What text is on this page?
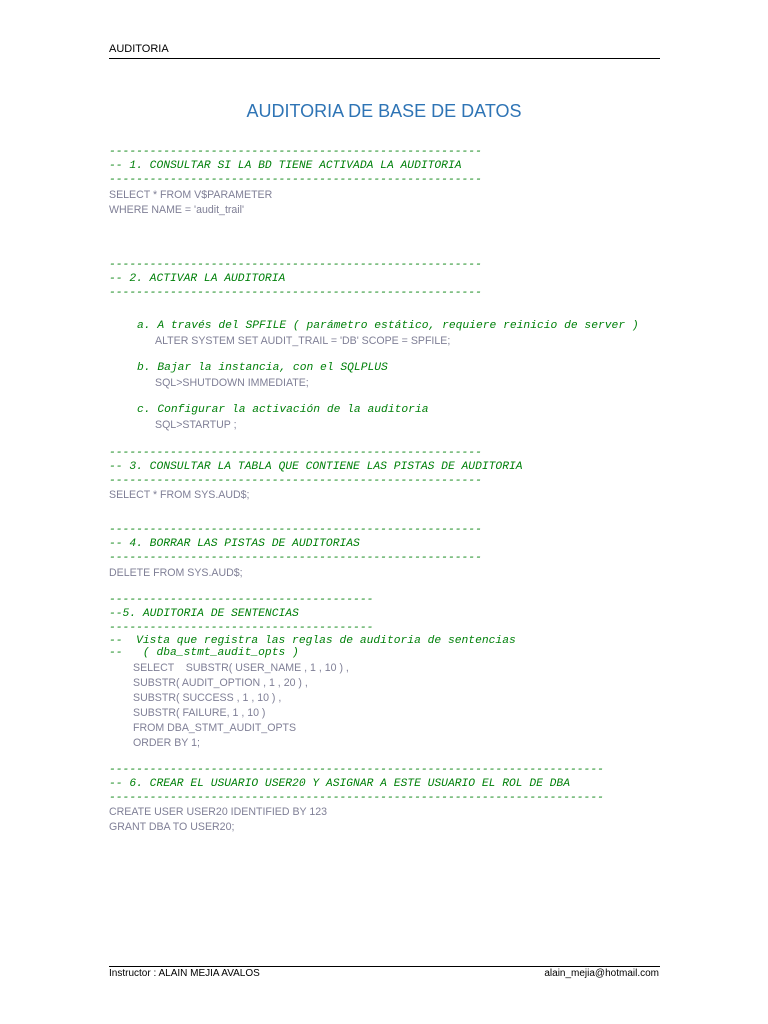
AUDITORIA
AUDITORIA DE BASE DE DATOS
-------------------------------------------------------
-- 1. CONSULTAR SI LA BD TIENE ACTIVADA LA AUDITORIA
-------------------------------------------------------
SELECT * FROM V$PARAMETER
WHERE NAME = 'audit_trail'
-------------------------------------------------------
-- 2. ACTIVAR LA AUDITORIA
-------------------------------------------------------
a. A través del SPFILE ( parámetro estático, requiere reinicio de server )
ALTER SYSTEM SET AUDIT_TRAIL = 'DB' SCOPE = SPFILE;
b. Bajar la instancia, con el SQLPLUS
SQL>SHUTDOWN IMMEDIATE;
c. Configurar la activación de la auditoria
SQL>STARTUP ;
-------------------------------------------------------
-- 3. CONSULTAR LA TABLA QUE CONTIENE LAS PISTAS DE AUDITORIA
-------------------------------------------------------
SELECT * FROM SYS.AUD$;
-------------------------------------------------------
-- 4. BORRAR LAS PISTAS DE AUDITORIAS
-------------------------------------------------------
DELETE FROM SYS.AUD$;
---------------------------------------
--5. AUDITORIA DE SENTENCIAS
---------------------------------------
--  Vista que registra las reglas de auditoria de sentencias
--   ( dba_stmt_audit_opts )
SELECT    SUBSTR( USER_NAME , 1 , 10 ) ,
SUBSTR( AUDIT_OPTION , 1 , 20 ) ,
SUBSTR( SUCCESS , 1 , 10 ) ,
SUBSTR( FAILURE, 1 , 10 )
FROM DBA_STMT_AUDIT_OPTS
ORDER BY 1;
-------------------------------------------------------------------------
-- 6. CREAR EL USUARIO USER20 Y ASIGNAR A ESTE USUARIO EL ROL DE DBA
-------------------------------------------------------------------------
CREATE USER USER20 IDENTIFIED BY 123
GRANT DBA TO USER20;
Instructor : ALAIN MEJIA AVALOS	alain_mejia@hotmail.com
